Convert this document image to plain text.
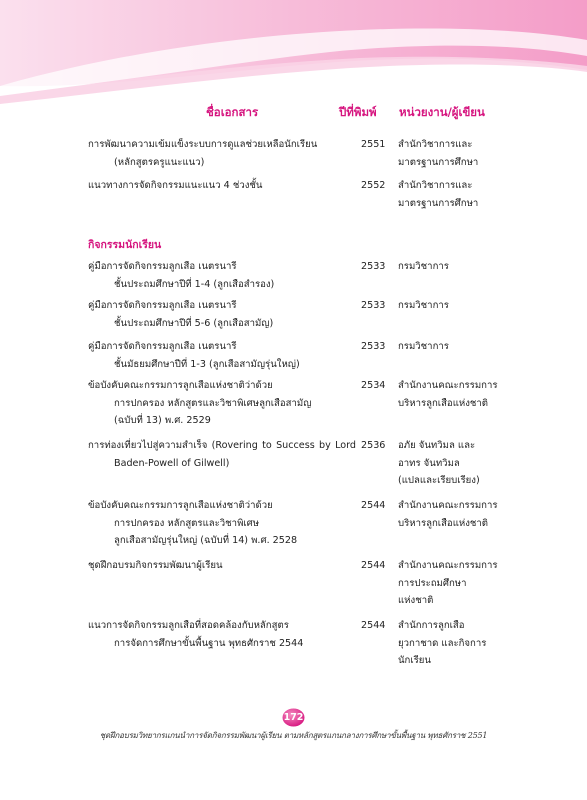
ชื่อเอกสาร	ปีที่พิมพ์ หน่วยงาน/ผู้เขียน
การพัฒนาความเข้มแข็งระบบการดูแลช่วยเหลือนักเรียน
(หลักสูตรครูแนะแนว)
2551	สำนักวิชาการและ
มาตรฐานการศึกษา
แนวทางการจัดกิจกรรมแนะแนว 4 ช่วงชั้น	2552	สำนักวิชาการและ
มาตรฐานการศึกษา
กิจกรรมนักเรียน
คู่มือการจัดกิจกรรมลูกเสือ เนตรนารี
ชั้นประถมศึกษาปีที่ 1-4 (ลูกเสือสำรอง)
2533	กรมวิชาการ
คู่มือการจัดกิจกรรมลูกเสือ เนตรนารี
ชั้นประถมศึกษาปีที่ 5-6 (ลูกเสือสามัญ)
2533	กรมวิชาการ
คู่มือการจัดกิจกรรมลูกเสือ เนตรนารี
ชั้นมัธยมศึกษาปีที่ 1-3 (ลูกเสือสามัญรุ่นใหญ่)
2533	กรมวิชาการ
ข้อบังคับคณะกรรมการลูกเสือแห่งชาติว่าด้วย
การปกครอง หลักสูตรและวิชาพิเศษลูกเสือสามัญ
(ฉบับที่ 13) พ.ศ. 2529
2534	สำนักงานคณะกรรมการ
บริหารลูกเสือแห่งชาติ
การท่องเที่ยวไปสู่ความสำเร็จ (Rovering to Success by Lord
Baden-Powell of Gilwell)
2536	อภัย จันทวิมล และ
อาทร จันทวิมล
(แปลและเรียบเรียง)
ข้อบังคับคณะกรรมการลูกเสือแห่งชาติว่าด้วย
การปกครอง หลักสูตรและวิชาพิเศษ
ลูกเสือสามัญรุ่นใหญ่ (ฉบับที่ 14) พ.ศ. 2528
2544	สำนักงานคณะกรรมการ
บริหารลูกเสือแห่งชาติ
ชุดฝึกอบรมกิจกรรมพัฒนาผู้เรียน	2544	สำนักงานคณะกรรมการ
การประถมศึกษา
แห่งชาติ
แนวการจัดกิจกรรมลูกเสือที่สอดคล้องกับหลักสูตร
การจัดการศึกษาขั้นพื้นฐาน พุทธศักราช 2544
2544	สำนักการลูกเสือ
ยุวกาชาด และกิจการ
นักเรียน
172
ชุดฝึกอบรมวิทยากรแกนนำการจัดกิจกรรมพัฒนาผู้เรียน ตามหลักสูตรแกนกลางการศึกษาขั้นพื้นฐาน พุทธศักราช 2551
